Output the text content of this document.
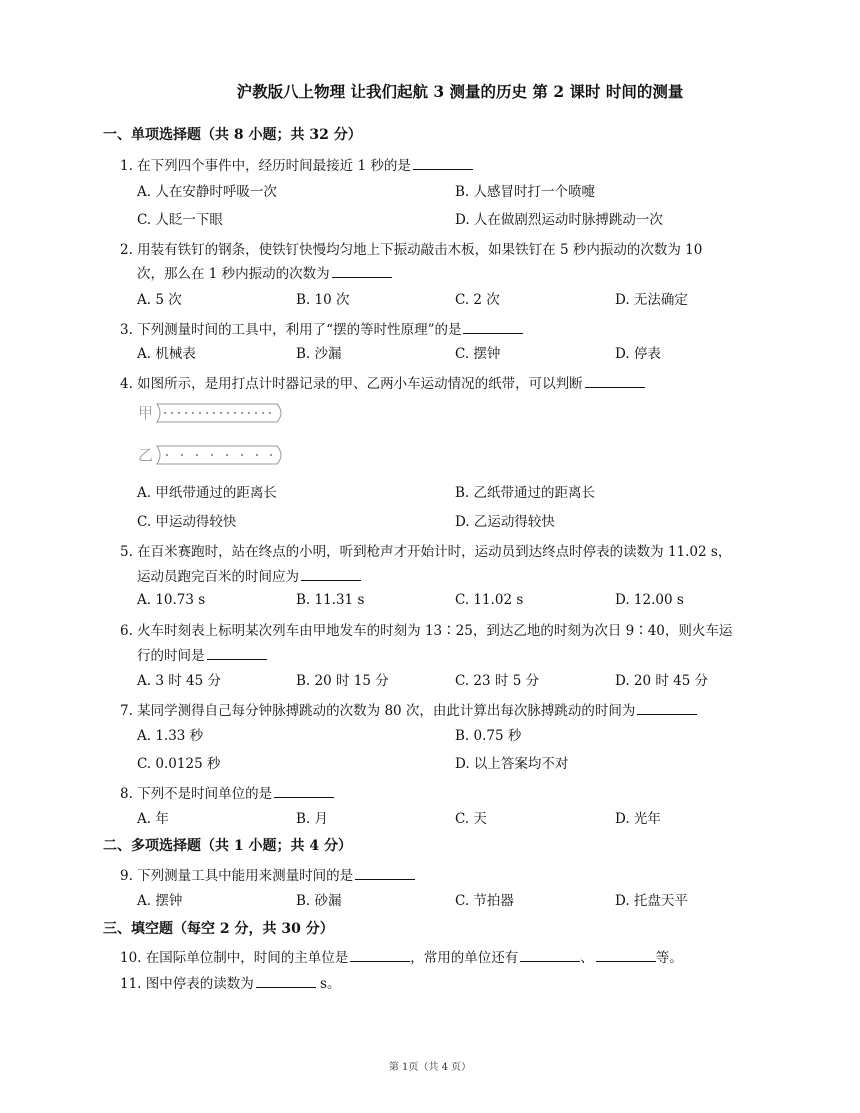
沪教版八上物理 让我们起航 3 测量的历史 第 2 课时 时间的测量
一、单项选择题（共 8 小题；共 32 分）
1. 在下列四个事件中，经历时间最接近 1 秒的是
A. 人在安静时呼吸一次	B. 人感冒时打一个喷嚏
C. 人眨一下眼	D. 人在做剧烈运动时脉搏跳动一次
2. 用装有铁钉的钢条，使铁钉快慢均匀地上下振动敲击木板，如果铁钉在 5 秒内振动的次数为 10
次，那么在 1 秒内振动的次数为
A. 5 次	B. 10 次	C. 2 次	D. 无法确定
3. 下列测量时间的工具中，利用了“摆的等时性原理”的是
A. 机械表	B. 沙漏	C. 摆钟	D. 停表
4. 如图所示，是用打点计时器记录的甲、乙两小车运动情况的纸带，可以判断
甲
乙
A. 甲纸带通过的距离长	B. 乙纸带通过的距离长
C. 甲运动得较快	D. 乙运动得较快
5. 在百米赛跑时，站在终点的小明，听到枪声才开始计时，运动员到达终点时停表的读数为 11.02 s，
运动员跑完百米的时间应为
A. 10.73 s	B. 11.31 s	C. 11.02 s	D. 12.00 s
6. 火车时刻表上标明某次列车由甲地发车的时刻为 13∶25，到达乙地的时刻为次日 9∶40，则火车运
行的时间是
A. 3 时 45 分	B. 20 时 15 分	C. 23 时 5 分	D. 20 时 45 分
7. 某同学测得自己每分钟脉搏跳动的次数为 80 次，由此计算出每次脉搏跳动的时间为
A. 1.33 秒	B. 0.75 秒
C. 0.0125 秒	D. 以上答案均不对
8. 下列不是时间单位的是
A. 年	B. 月	C. 天	D. 光年
二、多项选择题（共 1 小题；共 4 分）
9. 下列测量工具中能用来测量时间的是
A. 摆钟	B. 砂漏	C. 节拍器	D. 托盘天平
三、填空题（每空 2 分，共 30 分）
10. 在国际单位制中，时间的主单位是	，常用的单位还有	、	等。
11. 图中停表的读数为	s。
第 1页（共 4 页）
